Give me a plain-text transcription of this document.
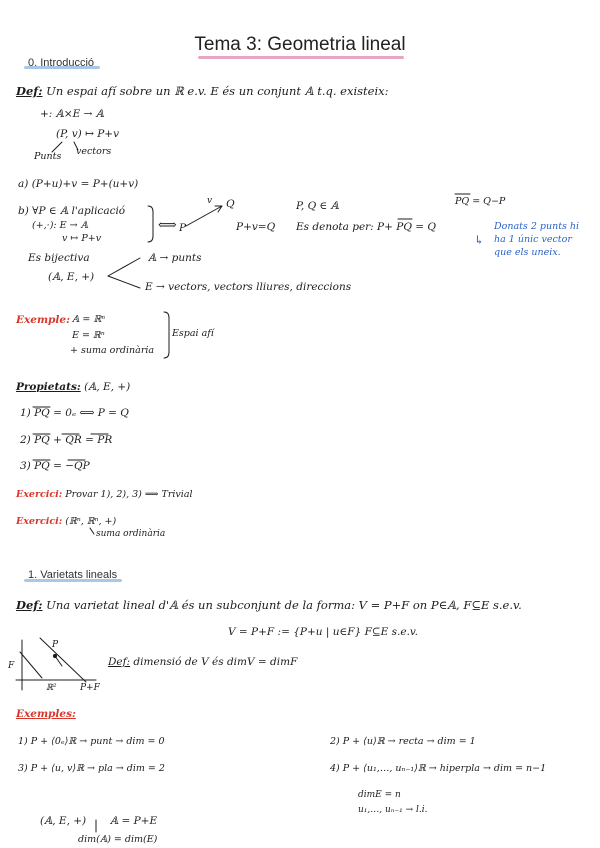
Tema 3: Geometria lineal
0. Introducció
Def: Un espai afí sobre un ℝ e.v. E és un conjunt 𝔸 t.q. existeix:
+: 𝔸×E → 𝔸
(P, v) ↦ P+v
Punts vectors
a) (P+u)+v = P+(u+v)
b) ∀P ∈ 𝔸 l'aplicació
(+,·): E → 𝔸
v ↦ P+v
⟺ P
v Q
P+v=Q
P, Q ∈ 𝔸
Es denota per: P+ PQ = Q
PQ = Q−P
↳
Donats 2 punts hi
ha 1 únic vector
que els uneix.
Es bijectiva
(𝔸, E, +)
𝔸 → punts
E → vectors, vectors lliures, direccions
Exemple: 𝔸 = ℝⁿ
E = ℝⁿ
+ suma ordinària
Espai afí
Propietats: (𝔸, E, +)
1) PQ = 0ₑ ⟺ P = Q
2) PQ + QR = PR
3) PQ = −QP
Exercici: Provar 1), 2), 3) ⟹ Trivial
Exercici: (ℝⁿ, ℝⁿ, +)
suma ordinària
1. Varietats lineals
Def: Una varietat lineal d'𝔸 és un subconjunt de la forma: V = P+F on P∈𝔸, F⊆E s.e.v.
V = P+F := {P+u | u∈F} F⊆E s.e.v.
P
F
ℝ²	P+F
Def: dimensió de V és dimV = dimF
Exemples:
1) P + ⟨0ₑ⟩ℝ → punt → dim = 0	2) P + ⟨u⟩ℝ → recta → dim = 1
3) P + ⟨u, v⟩ℝ → pla → dim = 2	4) P + ⟨u₁,…, uₙ₋₁⟩ℝ → hiperpla → dim = n−1
dimE = n
u₁,…, uₙ₋₁ → l.i.
(𝔸, E, +) 𝔸 = P+E
dim(𝔸) = dim(E)
